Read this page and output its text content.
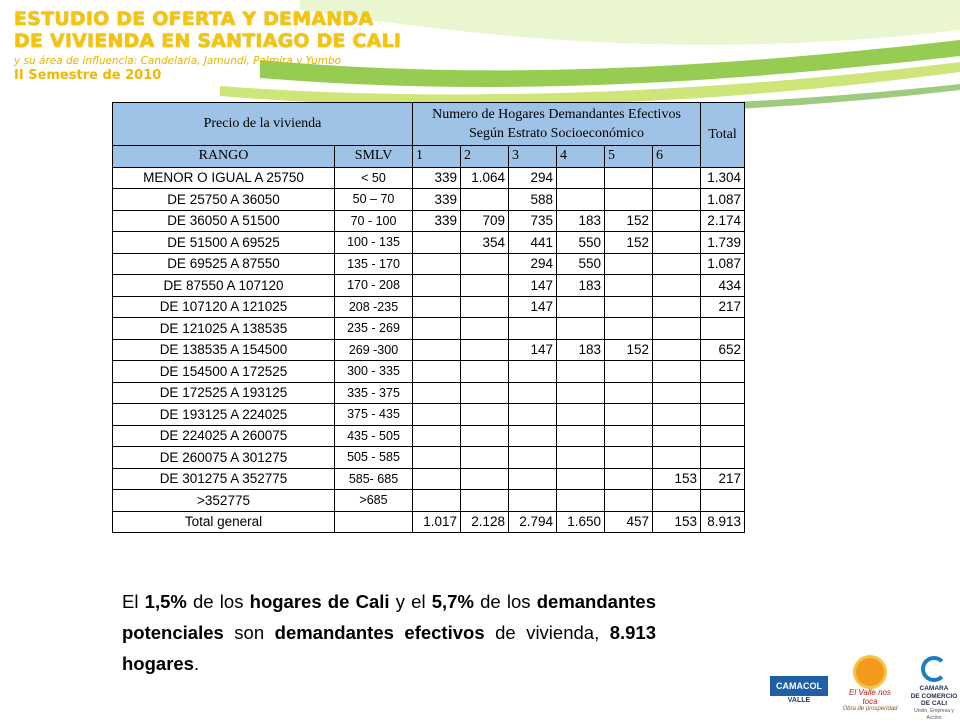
ESTUDIO DE OFERTA Y DEMANDA
DE VIVIENDA EN SANTIAGO DE CALI
y su área de influencia: Candelaria, Jamundí, Palmira y Yumbo
II Semestre de 2010
Precio de la vivienda		Numero de Hogares Demandantes Efectivos
Según Estrato Socioeconómico						Total
RANGO	SMLV	1	2	3	4	5	6	
MENOR O IGUAL A 25750	< 50	339	1.064	294				1.304
DE 25750 A 36050	50 – 70	339		588				1.087
DE 36050 A 51500	70 - 100	339	709	735	183	152		2.174
DE 51500 A 69525	100 - 135		354	441	550	152		1.739
DE 69525 A 87550	135 - 170			294	550			1.087
DE 87550 A 107120	170 - 208			147	183			434
DE 107120 A 121025	208 -235			147				217
DE 121025 A 138535	235 - 269							
DE 138535 A 154500	269 -300			147	183	152		652
DE 154500 A 172525	300 - 335							
DE 172525 A 193125	335 - 375							
DE 193125 A 224025	375 - 435							
DE 224025 A 260075	435 - 505							
DE 260075 A 301275	505 - 585							
DE 301275 A 352775	585- 685						153	217
>352775	>685							
Total general		1.017	2.128	2.794	1.650	457	153	8.913
El 1,5% de los hogares de Cali y el 5,7% de los demandantes potenciales son demandantes efectivos de vivienda, 8.913 hogares.
CAMACOL
VALLE
El Valle nos toca
Obra de prosperidad
CAMARA
DE COMERCIO
DE CALI
Unión, Empresa y Acción
